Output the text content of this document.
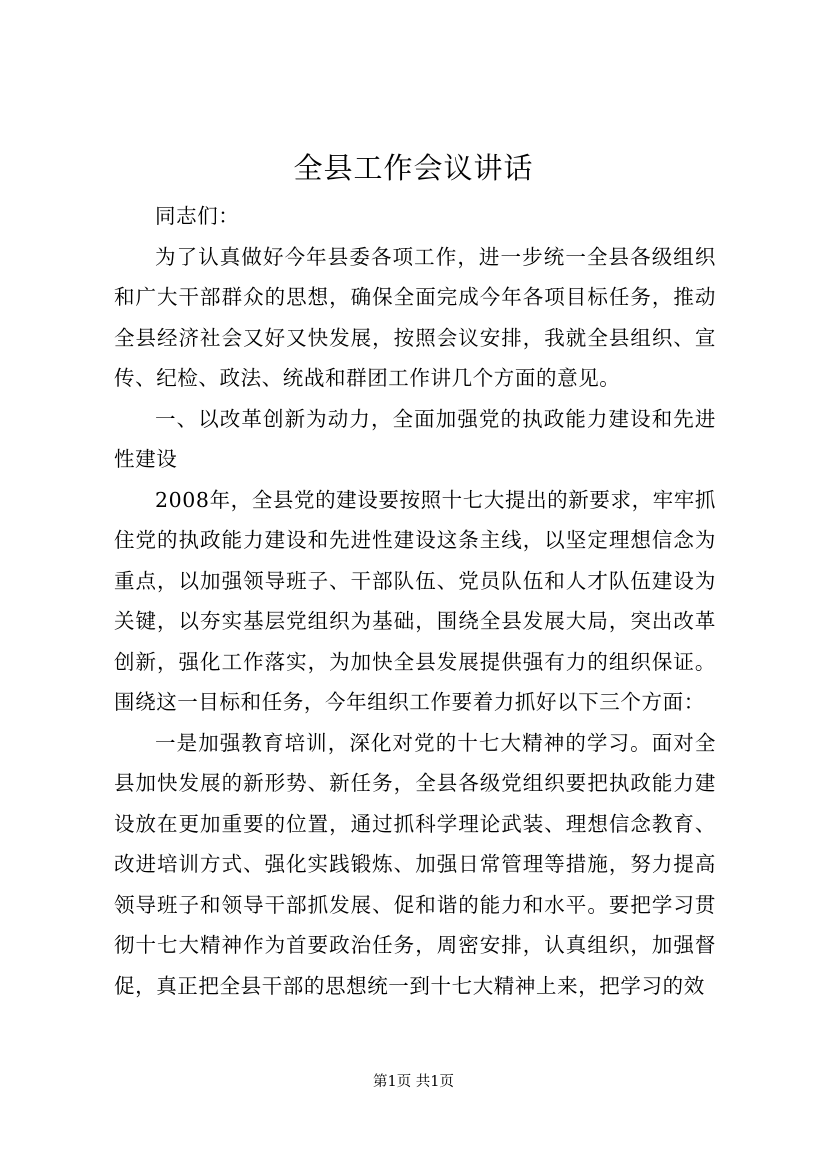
全县工作会议讲话

同志们：

为了认真做好今年县委各项工作，进一步统一全县各级组织和广大干部群众的思想，确保全面完成今年各项目标任务，推动全县经济社会又好又快发展，按照会议安排，我就全县组织、宣传、纪检、政法、统战和群团工作讲几个方面的意见。

一、以改革创新为动力，全面加强党的执政能力建设和先进性建设

2008年，全县党的建设要按照十七大提出的新要求，牢牢抓住党的执政能力建设和先进性建设这条主线，以坚定理想信念为重点，以加强领导班子、干部队伍、党员队伍和人才队伍建设为关键，以夯实基层党组织为基础，围绕全县发展大局，突出改革创新，强化工作落实，为加快全县发展提供强有力的组织保证。围绕这一目标和任务，今年组织工作要着力抓好以下三个方面：

一是加强教育培训，深化对党的十七大精神的学习。面对全县加快发展的新形势、新任务，全县各级党组织要把执政能力建设放在更加重要的位置，通过抓科学理论武装、理想信念教育、改进培训方式、强化实践锻炼、加强日常管理等措施，努力提高领导班子和领导干部抓发展、促和谐的能力和水平。要把学习贯彻十七大精神作为首要政治任务，周密安排，认真组织，加强督促，真正把全县干部的思想统一到十七大精神上来，把学习的效

第1页 共1页
